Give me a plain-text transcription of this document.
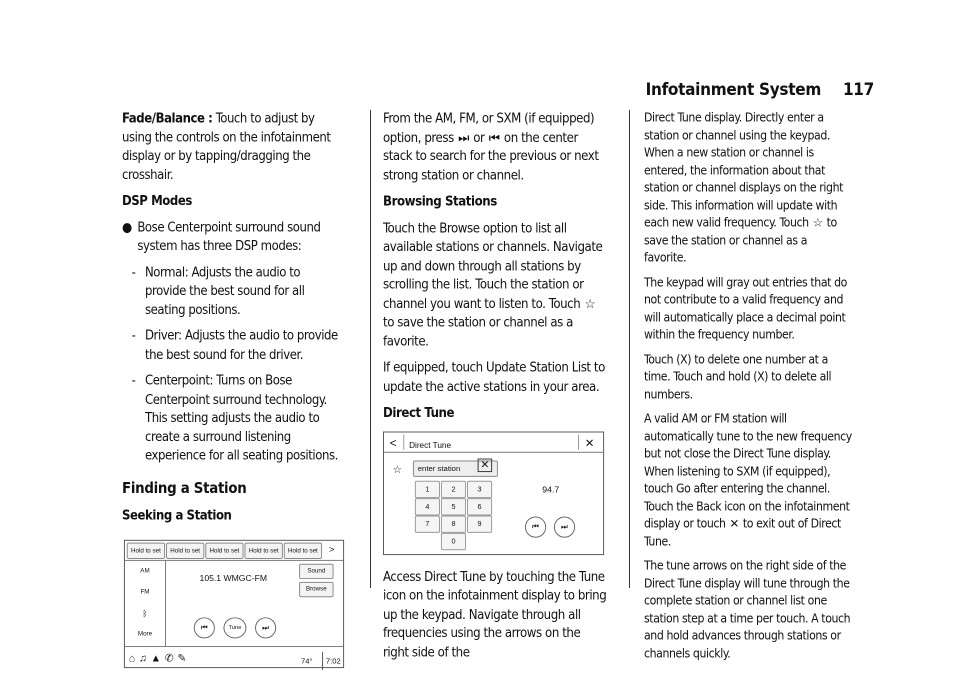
Infotainment System 117

Fade/Balance : Touch to adjust by using the controls on the infotainment display or by tapping/dragging the crosshair.

DSP Modes

● Bose Centerpoint surround sound system has three DSP modes:
- Normal: Adjusts the audio to provide the best sound for all seating positions.
- Driver: Adjusts the audio to provide the best sound for the driver.
- Centerpoint: Turns on Bose Centerpoint surround technology. This setting adjusts the audio to create a surround listening experience for all seating positions.
Finding a Station

Seeking a Station

Hold to set	Hold to set	Hold to set	Hold to set	Hold to set	>
AM
FM
ᛒ
More
105.1 WMGC-FM
Sound
Browse
⏮	Tune	⏭
⌂♫▲✆✎	74°	7:02

From the AM, FM, or SXM (if equipped) option, press ⏭ or ⏮ on the center stack to search for the previous or next strong station or channel.

Browsing Stations

Touch the Browse option to list all available stations or channels. Navigate up and down through all stations by scrolling the list. Touch the station or channel you want to listen to. Touch ☆ to save the station or channel as a favorite.

If equipped, touch Update Station List to update the active stations in your area.

Direct Tune

< Direct Tune	✕
☆	enter station	✕
1	2	3
4	5	6
7	8	9
0
94.7
⏮	⏭

Access Direct Tune by touching the Tune icon on the infotainment display to bring up the keypad. Navigate through all frequencies using the arrows on the right side of the

Direct Tune display. Directly enter a station or channel using the keypad. When a new station or channel is entered, the information about that station or channel displays on the right side. This information will update with each new valid frequency. Touch ☆ to save the station or channel as a favorite.

The keypad will gray out entries that do not contribute to a valid frequency and will automatically place a decimal point within the frequency number.

Touch (X) to delete one number at a time. Touch and hold (X) to delete all numbers.

A valid AM or FM station will automatically tune to the new frequency but not close the Direct Tune display. When listening to SXM (if equipped), touch Go after entering the channel. Touch the Back icon on the infotainment display or touch ✕ to exit out of Direct Tune.

The tune arrows on the right side of the Direct Tune display will tune through the complete station or channel list one station step at a time per touch. A touch and hold advances through stations or channels quickly.
